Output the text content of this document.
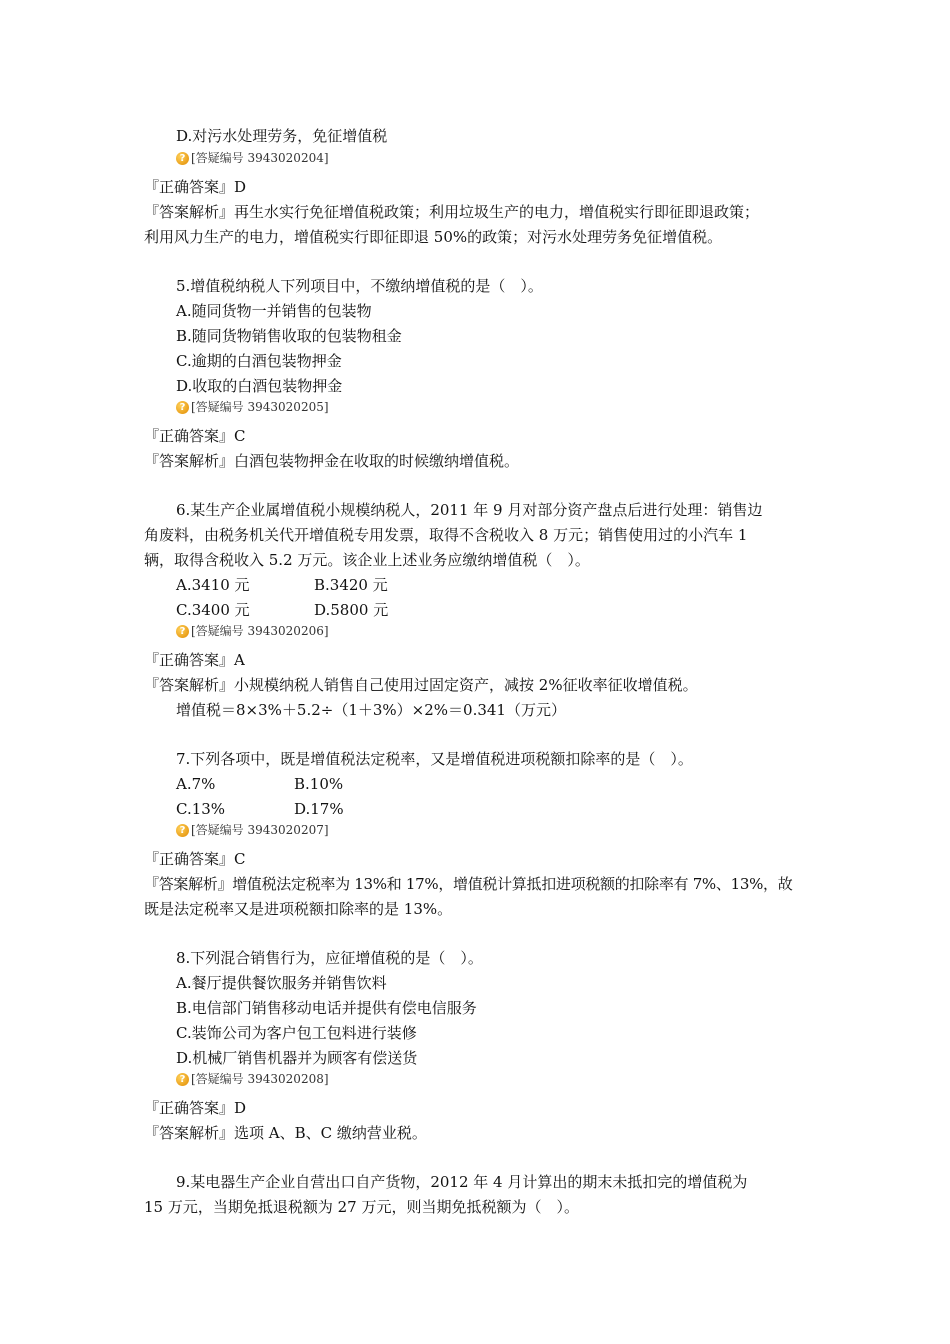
D.对污水处理劳务，免征增值税
? [答疑编号 3943020204]
『正确答案』D
『答案解析』再生水实行免征增值税政策；利用垃圾生产的电力，增值税实行即征即退政策；
利用风力生产的电力，增值税实行即征即退 50%的政策；对污水处理劳务免征增值税。
5.增值税纳税人下列项目中，不缴纳增值税的是（　）。
A.随同货物一并销售的包装物
B.随同货物销售收取的包装物租金
C.逾期的白酒包装物押金
D.收取的白酒包装物押金
? [答疑编号 3943020205]
『正确答案』C
『答案解析』白酒包装物押金在收取的时候缴纳增值税。
6.某生产企业属增值税小规模纳税人，2011 年 9 月对部分资产盘点后进行处理：销售边
角废料，由税务机关代开增值税专用发票，取得不含税收入 8 万元；销售使用过的小汽车 1
辆，取得含税收入 5.2 万元。该企业上述业务应缴纳增值税（　）。
A.3410 元	B.3420 元
C.3400 元	D.5800 元
? [答疑编号 3943020206]
『正确答案』A
『答案解析』小规模纳税人销售自己使用过固定资产，减按 2%征收率征收增值税。
增值税＝8×3%＋5.2÷（1＋3%）×2%＝0.341（万元）
7.下列各项中，既是增值税法定税率，又是增值税进项税额扣除率的是（　）。
A.7%	B.10%
C.13%	D.17%
? [答疑编号 3943020207]
『正确答案』C
『答案解析』增值税法定税率为 13%和 17%，增值税计算抵扣进项税额的扣除率有 7%、13%，故
既是法定税率又是进项税额扣除率的是 13%。
8.下列混合销售行为，应征增值税的是（　）。
A.餐厅提供餐饮服务并销售饮料
B.电信部门销售移动电话并提供有偿电信服务
C.装饰公司为客户包工包料进行装修
D.机械厂销售机器并为顾客有偿送货
? [答疑编号 3943020208]
『正确答案』D
『答案解析』选项 A、B、C 缴纳营业税。
9.某电器生产企业自营出口自产货物，2012 年 4 月计算出的期末未抵扣完的增值税为
15 万元，当期免抵退税额为 27 万元，则当期免抵税额为（　）。
